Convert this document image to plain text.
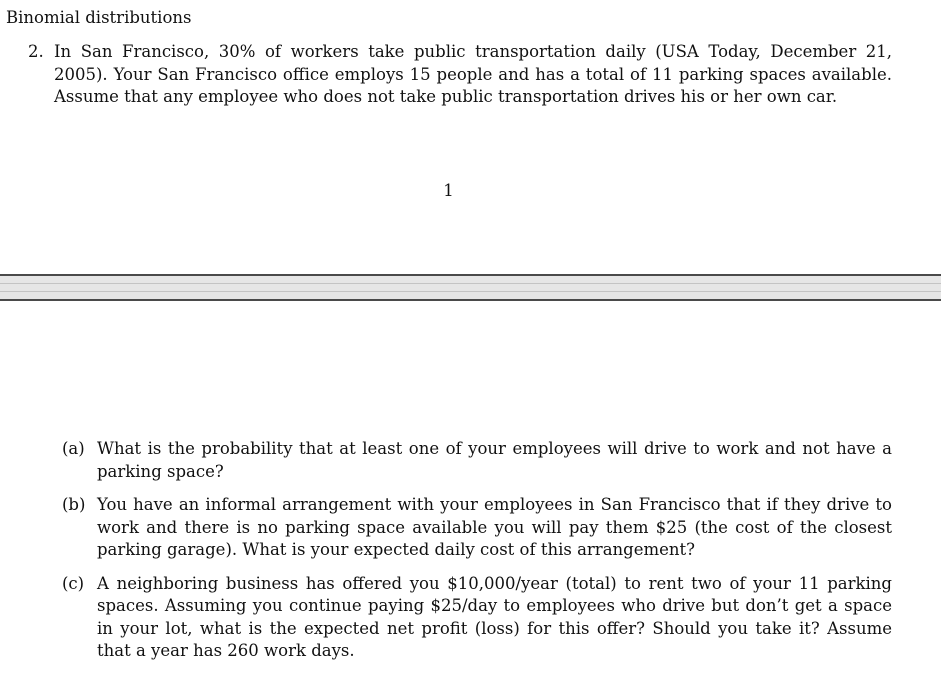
Binomial distributions
2. In San Francisco, 30% of workers take public transportation daily (USA Today, December 21, 2005). Your San Francisco office employs 15 people and has a total of 11 parking spaces available. Assume that any employee who does not take public transportation drives his or her own car.
1
(a) What is the probability that at least one of your employees will drive to work and not have a parking space?
(b) You have an informal arrangement with your employees in San Francisco that if they drive to work and there is no parking space available you will pay them $25 (the cost of the closest parking garage). What is your expected daily cost of this arrangement?
(c) A neighboring business has offered you $10,000/year (total) to rent two of your 11 parking spaces. Assuming you continue paying $25/day to employees who drive but don’t get a space in your lot, what is the expected net profit (loss) for this offer? Should you take it? Assume that a year has 260 work days.
